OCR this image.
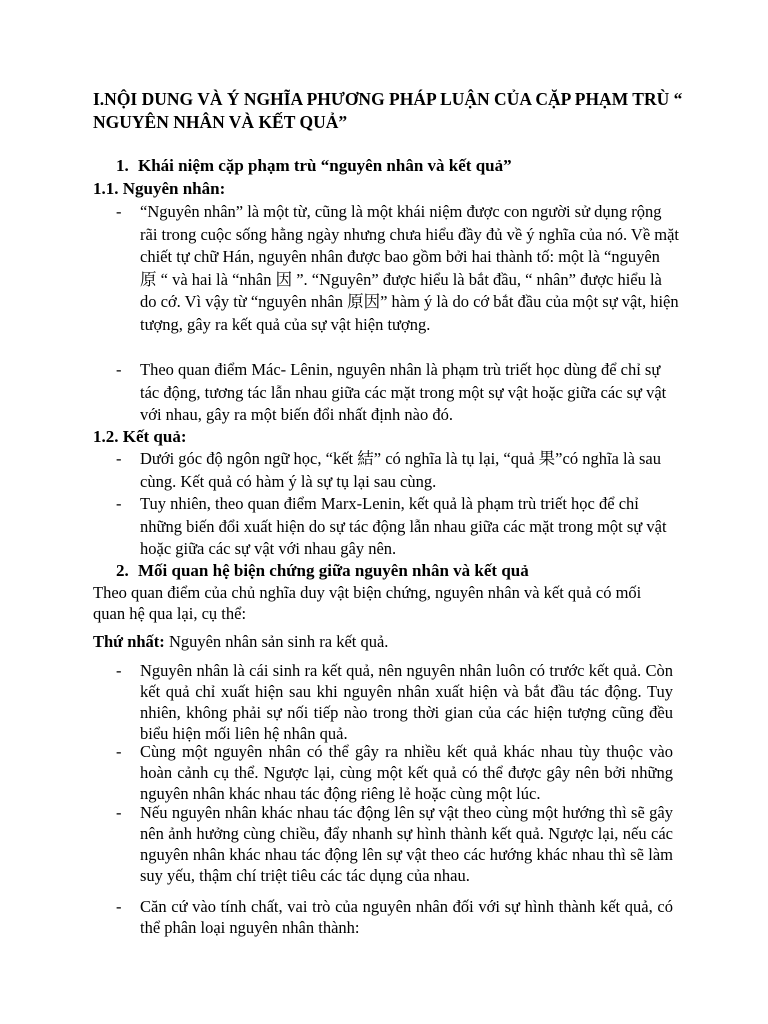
I.NỘI DUNG VÀ Ý NGHĨA PHƯƠNG PHÁP LUẬN CỦA CẶP PHẠM TRÙ “ NGUYÊN NHÂN VÀ KẾT QUẢ”

1. Khái niệm cặp phạm trù “nguyên nhân và kết quả”

1.1. Nguyên nhân:

- “Nguyên nhân” là một từ, cũng là một khái niệm được con người sử dụng rộng rãi trong cuộc sống hằng ngày nhưng chưa hiểu đầy đủ về ý nghĩa của nó. Về mặt chiết tự chữ Hán, nguyên nhân được bao gồm bởi hai thành tố: một là “nguyên 原 “ và hai là “nhân 因 ”. “Nguyên” được hiểu là bắt đầu, “ nhân” được hiểu là do cớ. Vì vậy từ “nguyên nhân 原因” hàm ý là do cớ bắt đầu của một sự vật, hiện tượng, gây ra kết quả của sự vật hiện tượng.
- Theo quan điểm Mác- Lênin, nguyên nhân là phạm trù triết học dùng để chỉ sự tác động, tương tác lẫn nhau giữa các mặt trong một sự vật hoặc giữa các sự vật với nhau, gây ra một biến đổi nhất định nào đó.

1.2. Kết quả:

- Dưới góc độ ngôn ngữ học, “kết 結” có nghĩa là tụ lại, “quả 果”có nghĩa là sau cùng. Kết quả có hàm ý là sự tụ lại sau cùng.
- Tuy nhiên, theo quan điểm Marx-Lenin, kết quả là phạm trù triết học để chỉ những biến đổi xuất hiện do sự tác động lẫn nhau giữa các mặt trong một sự vật hoặc giữa các sự vật với nhau gây nên.

2. Mối quan hệ biện chứng giữa nguyên nhân và kết quả

Theo quan điểm của chủ nghĩa duy vật biện chứng, nguyên nhân và kết quả có mối quan hệ qua lại, cụ thể:

Thứ nhất: Nguyên nhân sản sinh ra kết quả.

- Nguyên nhân là cái sinh ra kết quả, nên nguyên nhân luôn có trước kết quả. Còn kết quả chỉ xuất hiện sau khi nguyên nhân xuất hiện và bắt đầu tác động. Tuy nhiên, không phải sự nối tiếp nào trong thời gian của các hiện tượng cũng đều biểu hiện mối liên hệ nhân quả.
- Cùng một nguyên nhân có thể gây ra nhiều kết quả khác nhau tùy thuộc vào hoàn cảnh cụ thể. Ngược lại, cùng một kết quả có thể được gây nên bởi những nguyên nhân khác nhau tác động riêng lẻ hoặc cùng một lúc.
- Nếu nguyên nhân khác nhau tác động lên sự vật theo cùng một hướng thì sẽ gây nên ảnh hưởng cùng chiều, đẩy nhanh sự hình thành kết quả. Ngược lại, nếu các nguyên nhân khác nhau tác động lên sự vật theo các hướng khác nhau thì sẽ làm suy yếu, thậm chí triệt tiêu các tác dụng của nhau.
- Căn cứ vào tính chất, vai trò của nguyên nhân đối với sự hình thành kết quả, có thể phân loại nguyên nhân thành:
